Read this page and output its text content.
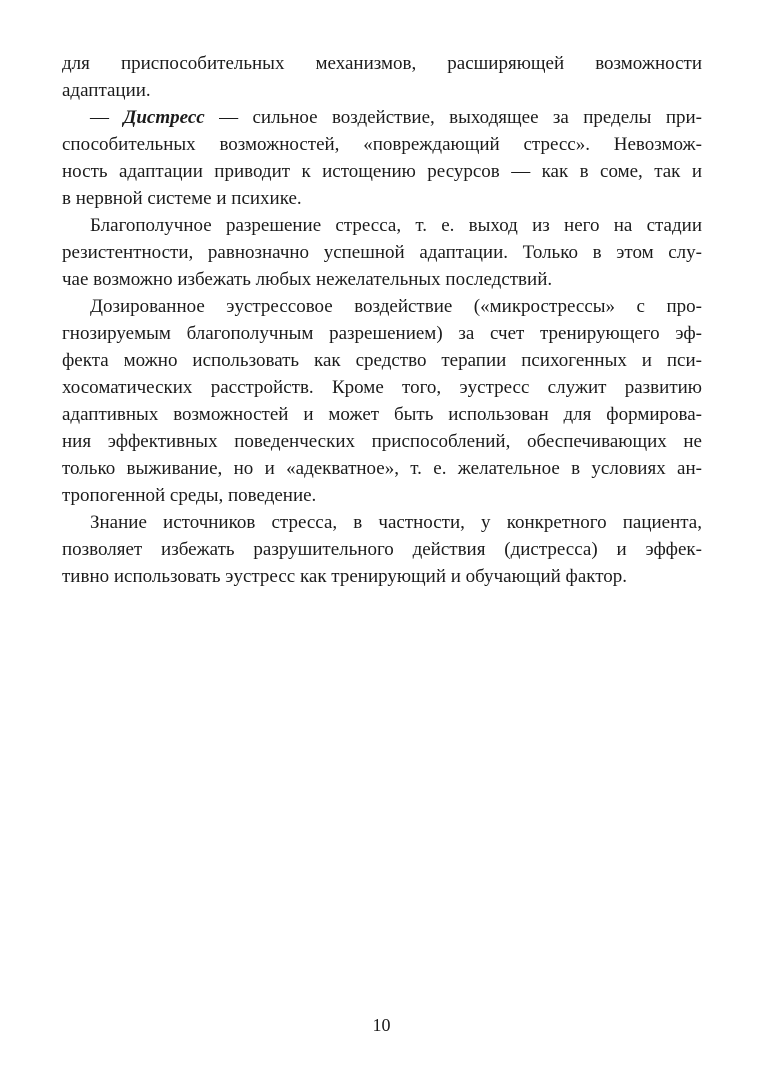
для приспособительных механизмов, расширяющей возможности
адаптации.
— Дистресс — сильное воздействие, выходящее за пределы при-
способительных возможностей, «повреждающий стресс». Невозмож-
ность адаптации приводит к истощению ресурсов — как в соме, так и
в нервной системе и психике.
Благополучное разрешение стресса, т. е. выход из него на стадии
резистентности, равнозначно успешной адаптации. Только в этом слу-
чае возможно избежать любых нежелательных последствий.
Дозированное эустрессовое воздействие («микрострессы» с про-
гнозируемым благополучным разрешением) за счет тренирующего эф-
фекта можно использовать как средство терапии психогенных и пси-
хосоматических расстройств. Кроме того, эустресс служит развитию
адаптивных возможностей и может быть использован для формирова-
ния эффективных поведенческих приспособлений, обеспечивающих не
только выживание, но и «адекватное», т. е. желательное в условиях ан-
тропогенной среды, поведение.
Знание источников стресса, в частности, у конкретного пациента,
позволяет избежать разрушительного действия (дистресса) и эффек-
тивно использовать эустресс как тренирующий и обучающий фактор.
10
